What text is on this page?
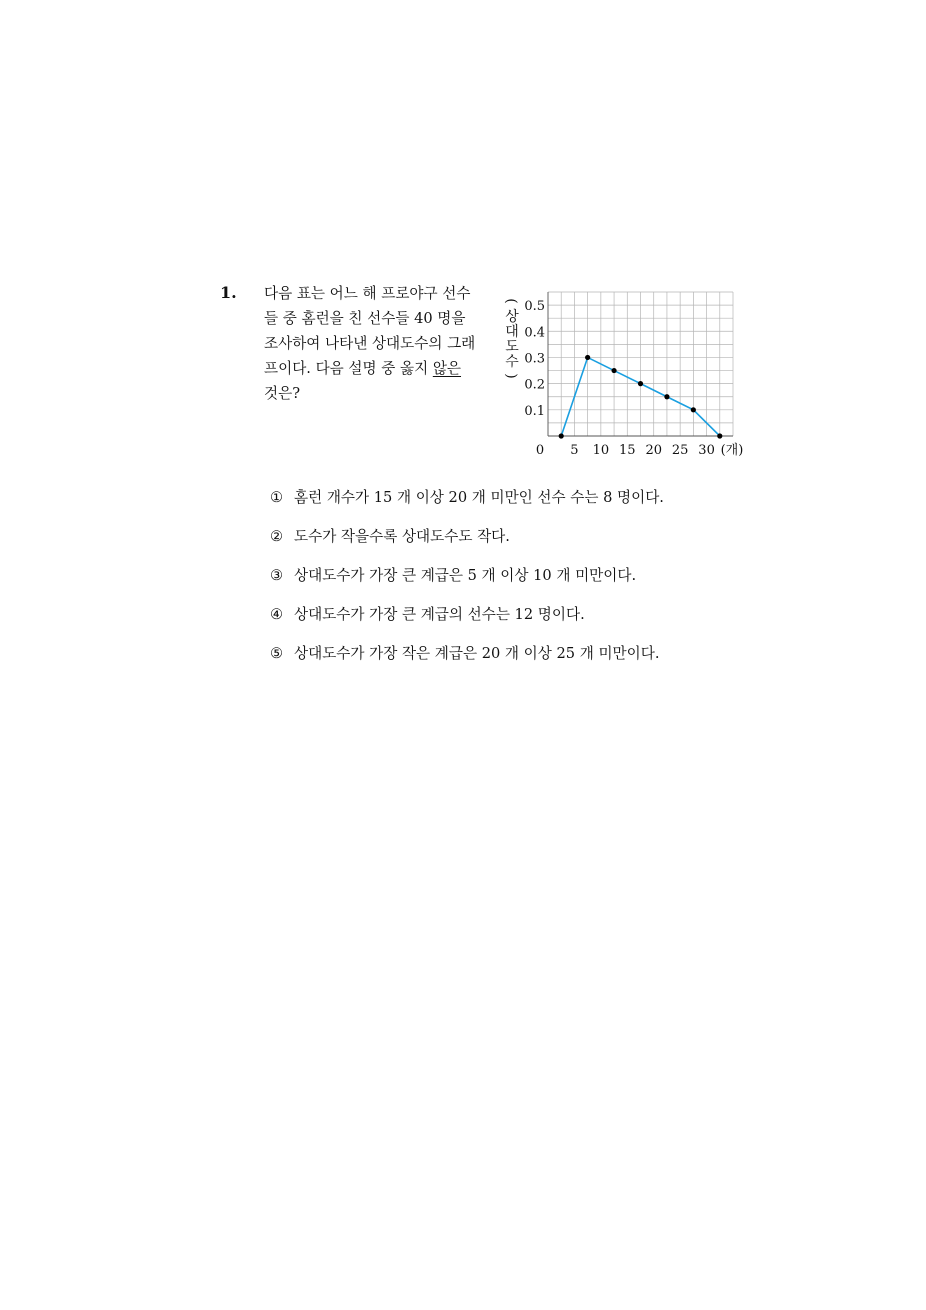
1. 다음 표는 어느 해 프로야구 선수
들 중 홈런을 친 선수들 40 명을
조사하여 나타낸 상대도수의 그래
프이다. 다음 설명 중 옳지 않은
것은?
0.1
0.2
0.3
0.4
0.5
5 10 15 20 25 30
0	(개)
(
상
대
도
수
)
① 홈런 개수가 15 개 이상 20 개 미만인 선수 수는 8 명이다.
② 도수가 작을수록 상대도수도 작다.
③ 상대도수가 가장 큰 계급은 5 개 이상 10 개 미만이다.
④ 상대도수가 가장 큰 계급의 선수는 12 명이다.
⑤ 상대도수가 가장 작은 계급은 20 개 이상 25 개 미만이다.
